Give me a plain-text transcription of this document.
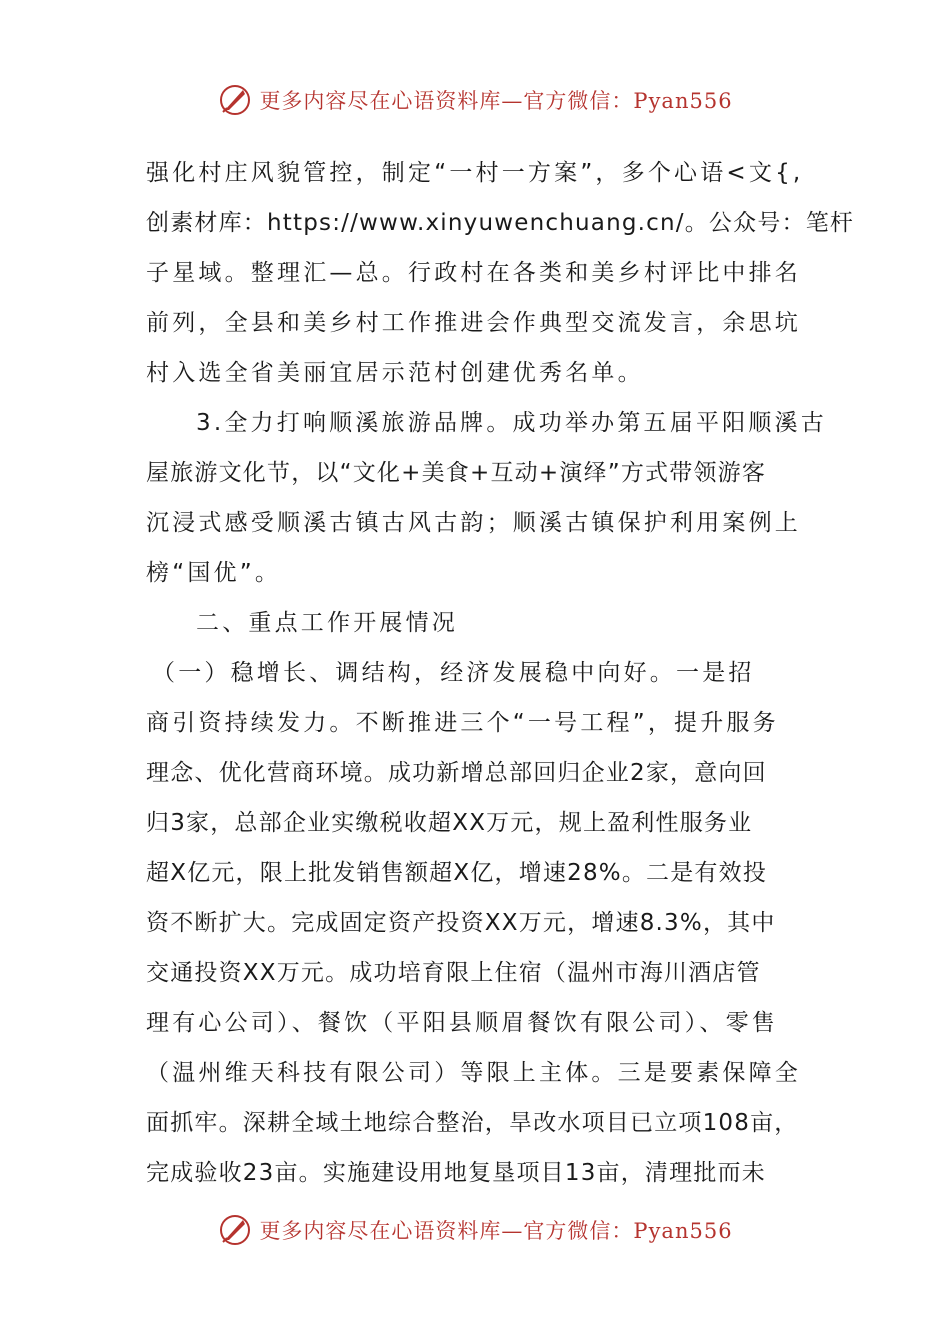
更多内容尽在心语资料库—官方微信：Pyan556
强化村庄风貌管控，制定“一村一方案”，多个心语<文{,
创素材库：https://www.xinyuwenchuang.cn/。公众号：笔杆
子星域。整理汇—总。行政村在各类和美乡村评比中排名
前列，全县和美乡村工作推进会作典型交流发言，余思坑
村入选全省美丽宜居示范村创建优秀名单。
3.全力打响顺溪旅游品牌。成功举办第五届平阳顺溪古
屋旅游文化节，以“文化+美食+互动+演绎”方式带领游客
沉浸式感受顺溪古镇古风古韵；顺溪古镇保护利用案例上
榜“国优”。
二、重点工作开展情况
（一）稳增长、调结构，经济发展稳中向好。一是招
商引资持续发力。不断推进三个“一号工程”，提升服务
理念、优化营商环境。成功新增总部回归企业2家，意向回
归3家，总部企业实缴税收超XX万元，规上盈利性服务业
超X亿元，限上批发销售额超X亿，增速28%。二是有效投
资不断扩大。完成固定资产投资XX万元，增速8.3%，其中
交通投资XX万元。成功培育限上住宿（温州市海川酒店管
理有心公司）、餐饮（平阳县顺眉餐饮有限公司）、零售
（温州维天科技有限公司）等限上主体。三是要素保障全
面抓牢。深耕全域土地综合整治，旱改水项目已立项108亩，
完成验收23亩。实施建设用地复垦项目13亩，清理批而未
更多内容尽在心语资料库—官方微信：Pyan556
